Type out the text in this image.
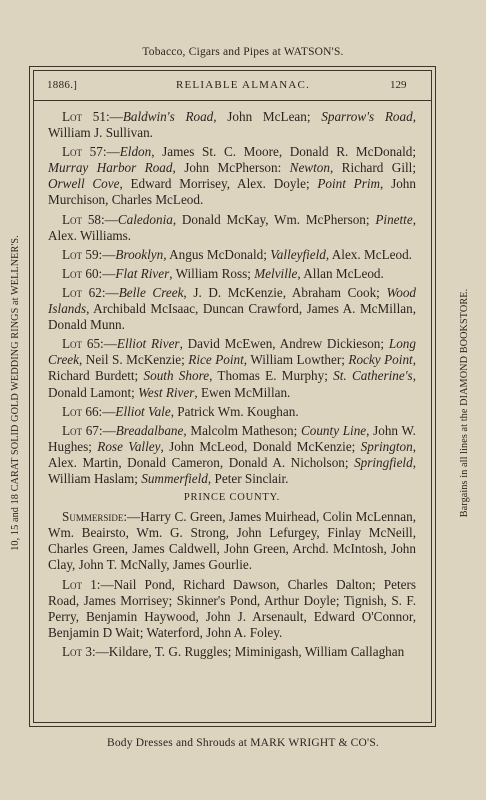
Tobacco, Cigars and Pipes at WATSON'S.
10, 15 and 18 CARAT SOLID GOLD WEDDING RINGS at WELLNER'S.	Bargains in all lines at the DIAMOND BOOKSTORE.
1886.]	RELIABLE ALMANAC.	129

Lot 51:—Baldwin's Road, John McLean; Sparrow's Road, William J. Sullivan.

Lot 57:—Eldon, James St. C. Moore, Donald R. McDonald; Murray Harbor Road, John McPherson: Newton, Richard Gill; Orwell Cove, Edward Morrisey, Alex. Doyle; Point Prim, John Murchison, Charles McLeod.

Lot 58:—Caledonia, Donald McKay, Wm. McPherson; Pinette, Alex. Williams.

Lot 59:—Brooklyn, Angus McDonald; Valleyfield, Alex. McLeod.

Lot 60:—Flat River, William Ross; Melville, Allan McLeod.

Lot 62:—Belle Creek, J. D. McKenzie, Abraham Cook; Wood Islands, Archibald McIsaac, Duncan Crawford, James A. McMillan, Donald Munn.

Lot 65:—Elliot River, David McEwen, Andrew Dickieson; Long Creek, Neil S. McKenzie; Rice Point, William Lowther; Rocky Point, Richard Burdett; South Shore, Thomas E. Murphy; St. Catherine's, Donald Lamont; West River, Ewen McMillan.

Lot 66:—Elliot Vale, Patrick Wm. Koughan.

Lot 67:—Breadalbane, Malcolm Matheson; County Line, John W. Hughes; Rose Valley, John McLeod, Donald McKenzie; Springton, Alex. Martin, Donald Cameron, Donald A. Nicholson; Springfield, William Haslam; Summerfield, Peter Sinclair.

PRINCE COUNTY.

Summerside:—Harry C. Green, James Muirhead, Colin McLennan, Wm. Beairsto, Wm. G. Strong, John Lefurgey, Finlay McNeill, Charles Green, James Caldwell, John Green, Archd. McIntosh, John Clay, John T. McNally, James Gourlie.

Lot 1:—Nail Pond, Richard Dawson, Charles Dalton; Peters Road, James Morrisey; Skinner's Pond, Arthur Doyle; Tignish, S. F. Perry, Benjamin Haywood, John J. Arsenault, Edward O'Connor, Benjamin D Wait; Waterford, John A. Foley.

Lot 3:—Kildare, T. G. Ruggles; Miminigash, William Callaghan

Body Dresses and Shrouds at MARK WRIGHT & CO'S.
